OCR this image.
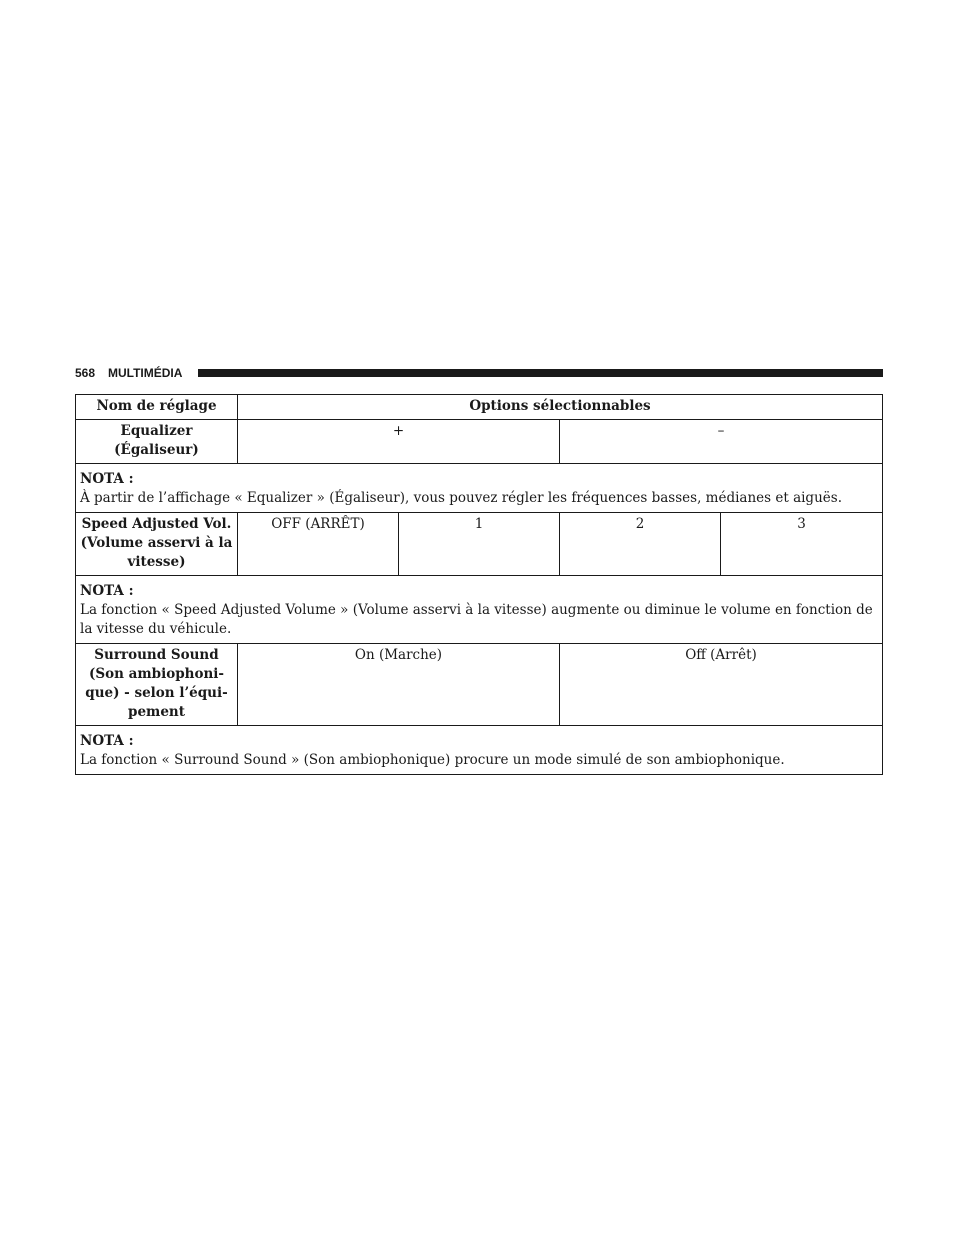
568 MULTIMÉDIA
Nom de réglage	Options sélectionnables			
Equalizer (Égaliseur)	+		–	

NOTA :
À partir de l’affichage « Equalizer » (Égaliseur), vous pouvez régler les fréquences basses, médianes et aiguës.				

Speed Adjusted Vol.
(Volume asservi à la
vitesse)	OFF (ARRÊT)	1	2	3

NOTA :
La fonction « Speed Adjusted Volume » (Volume asservi à la vitesse) augmente ou diminue le volume en fonction de la vitesse du véhicule.				

Surround Sound
(Son ambiophoni-
que) - selon l’équi-
pement	On (Marche)		Off (Arrêt)	

NOTA :
La fonction « Surround Sound » (Son ambiophonique) procure un mode simulé de son ambiophonique.				
